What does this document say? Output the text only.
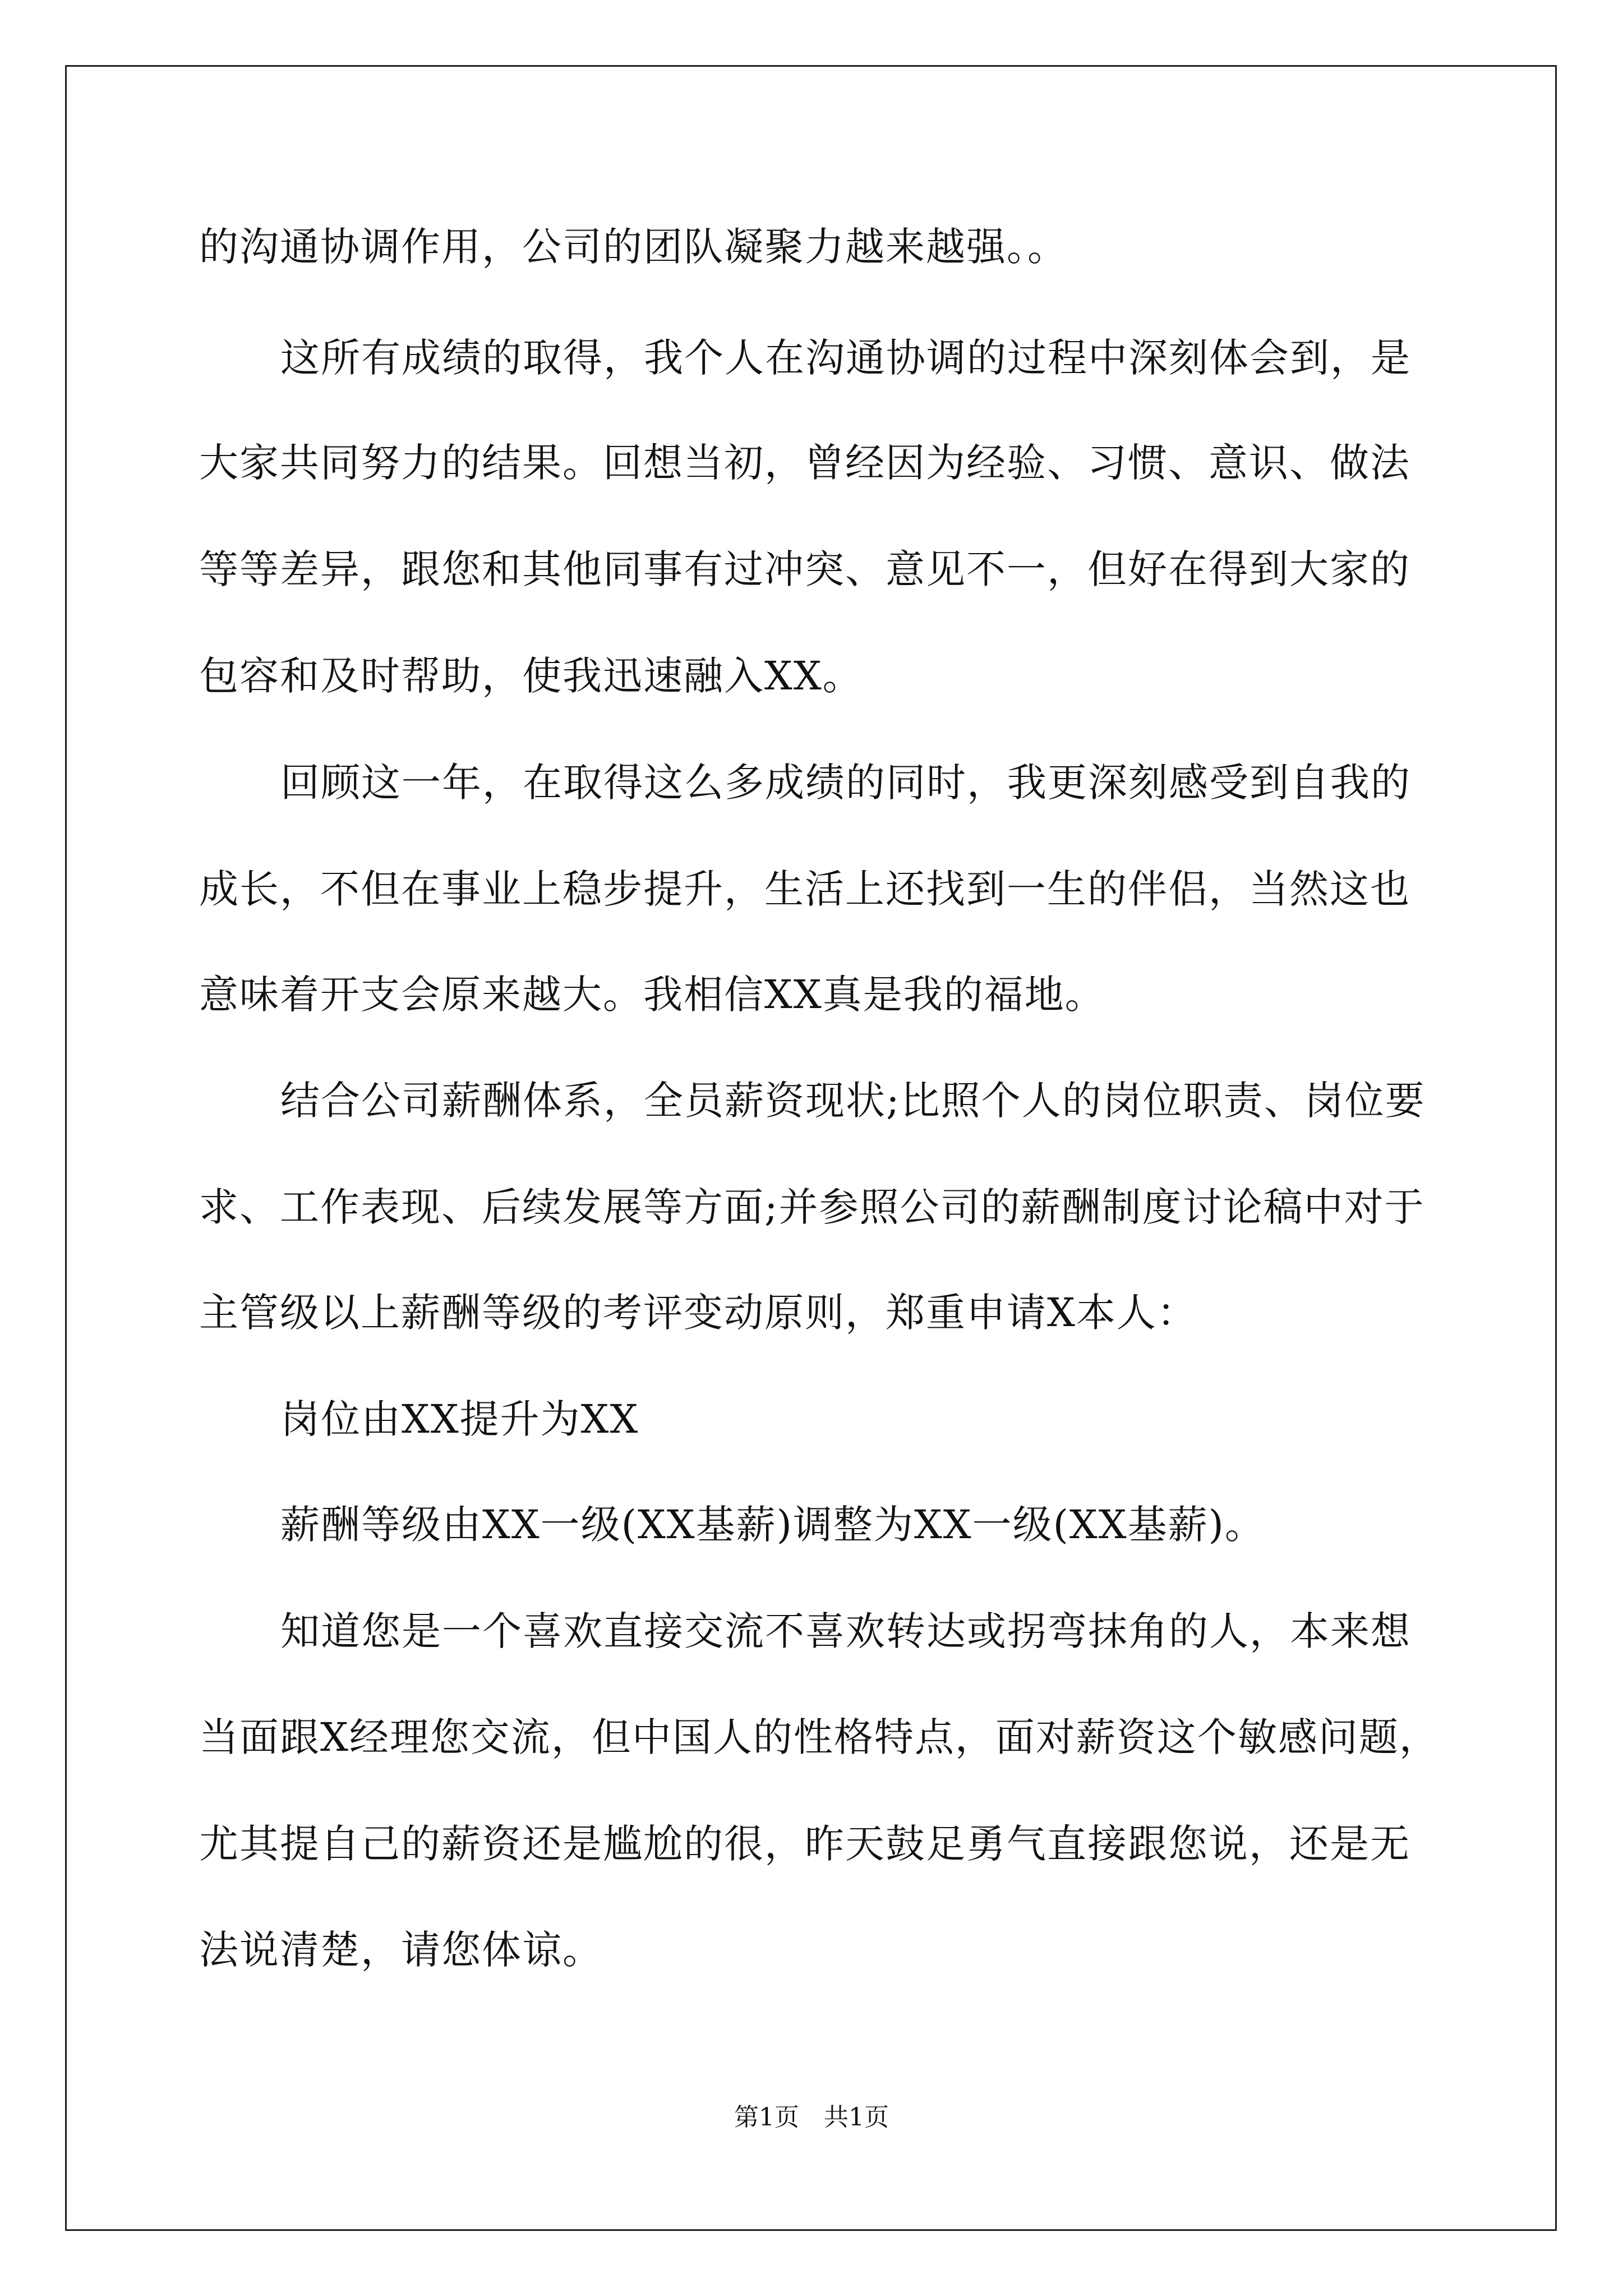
的沟通协调作用，公司的团队凝聚力越来越强。。
这所有成绩的取得，我个人在沟通协调的过程中深刻体会到，是
大家共同努力的结果。回想当初，曾经因为经验、习惯、意识、做法
等等差异，跟您和其他同事有过冲突、意见不一，但好在得到大家的
包容和及时帮助，使我迅速融入XX。
回顾这一年，在取得这么多成绩的同时，我更深刻感受到自我的
成长，不但在事业上稳步提升，生活上还找到一生的伴侣，当然这也
意味着开支会原来越大。我相信XX真是我的福地。
结合公司薪酬体系，全员薪资现状;比照个人的岗位职责、岗位要
求、工作表现、后续发展等方面;并参照公司的薪酬制度讨论稿中对于
主管级以上薪酬等级的考评变动原则，郑重申请X本人：
岗位由XX提升为XX
薪酬等级由XX一级(XX基薪)调整为XX一级(XX基薪)。
知道您是一个喜欢直接交流不喜欢转达或拐弯抹角的人，本来想
当面跟X经理您交流，但中国人的性格特点，面对薪资这个敏感问题，
尤其提自己的薪资还是尴尬的很，昨天鼓足勇气直接跟您说，还是无
法说清楚，请您体谅。
第1页　共1页
